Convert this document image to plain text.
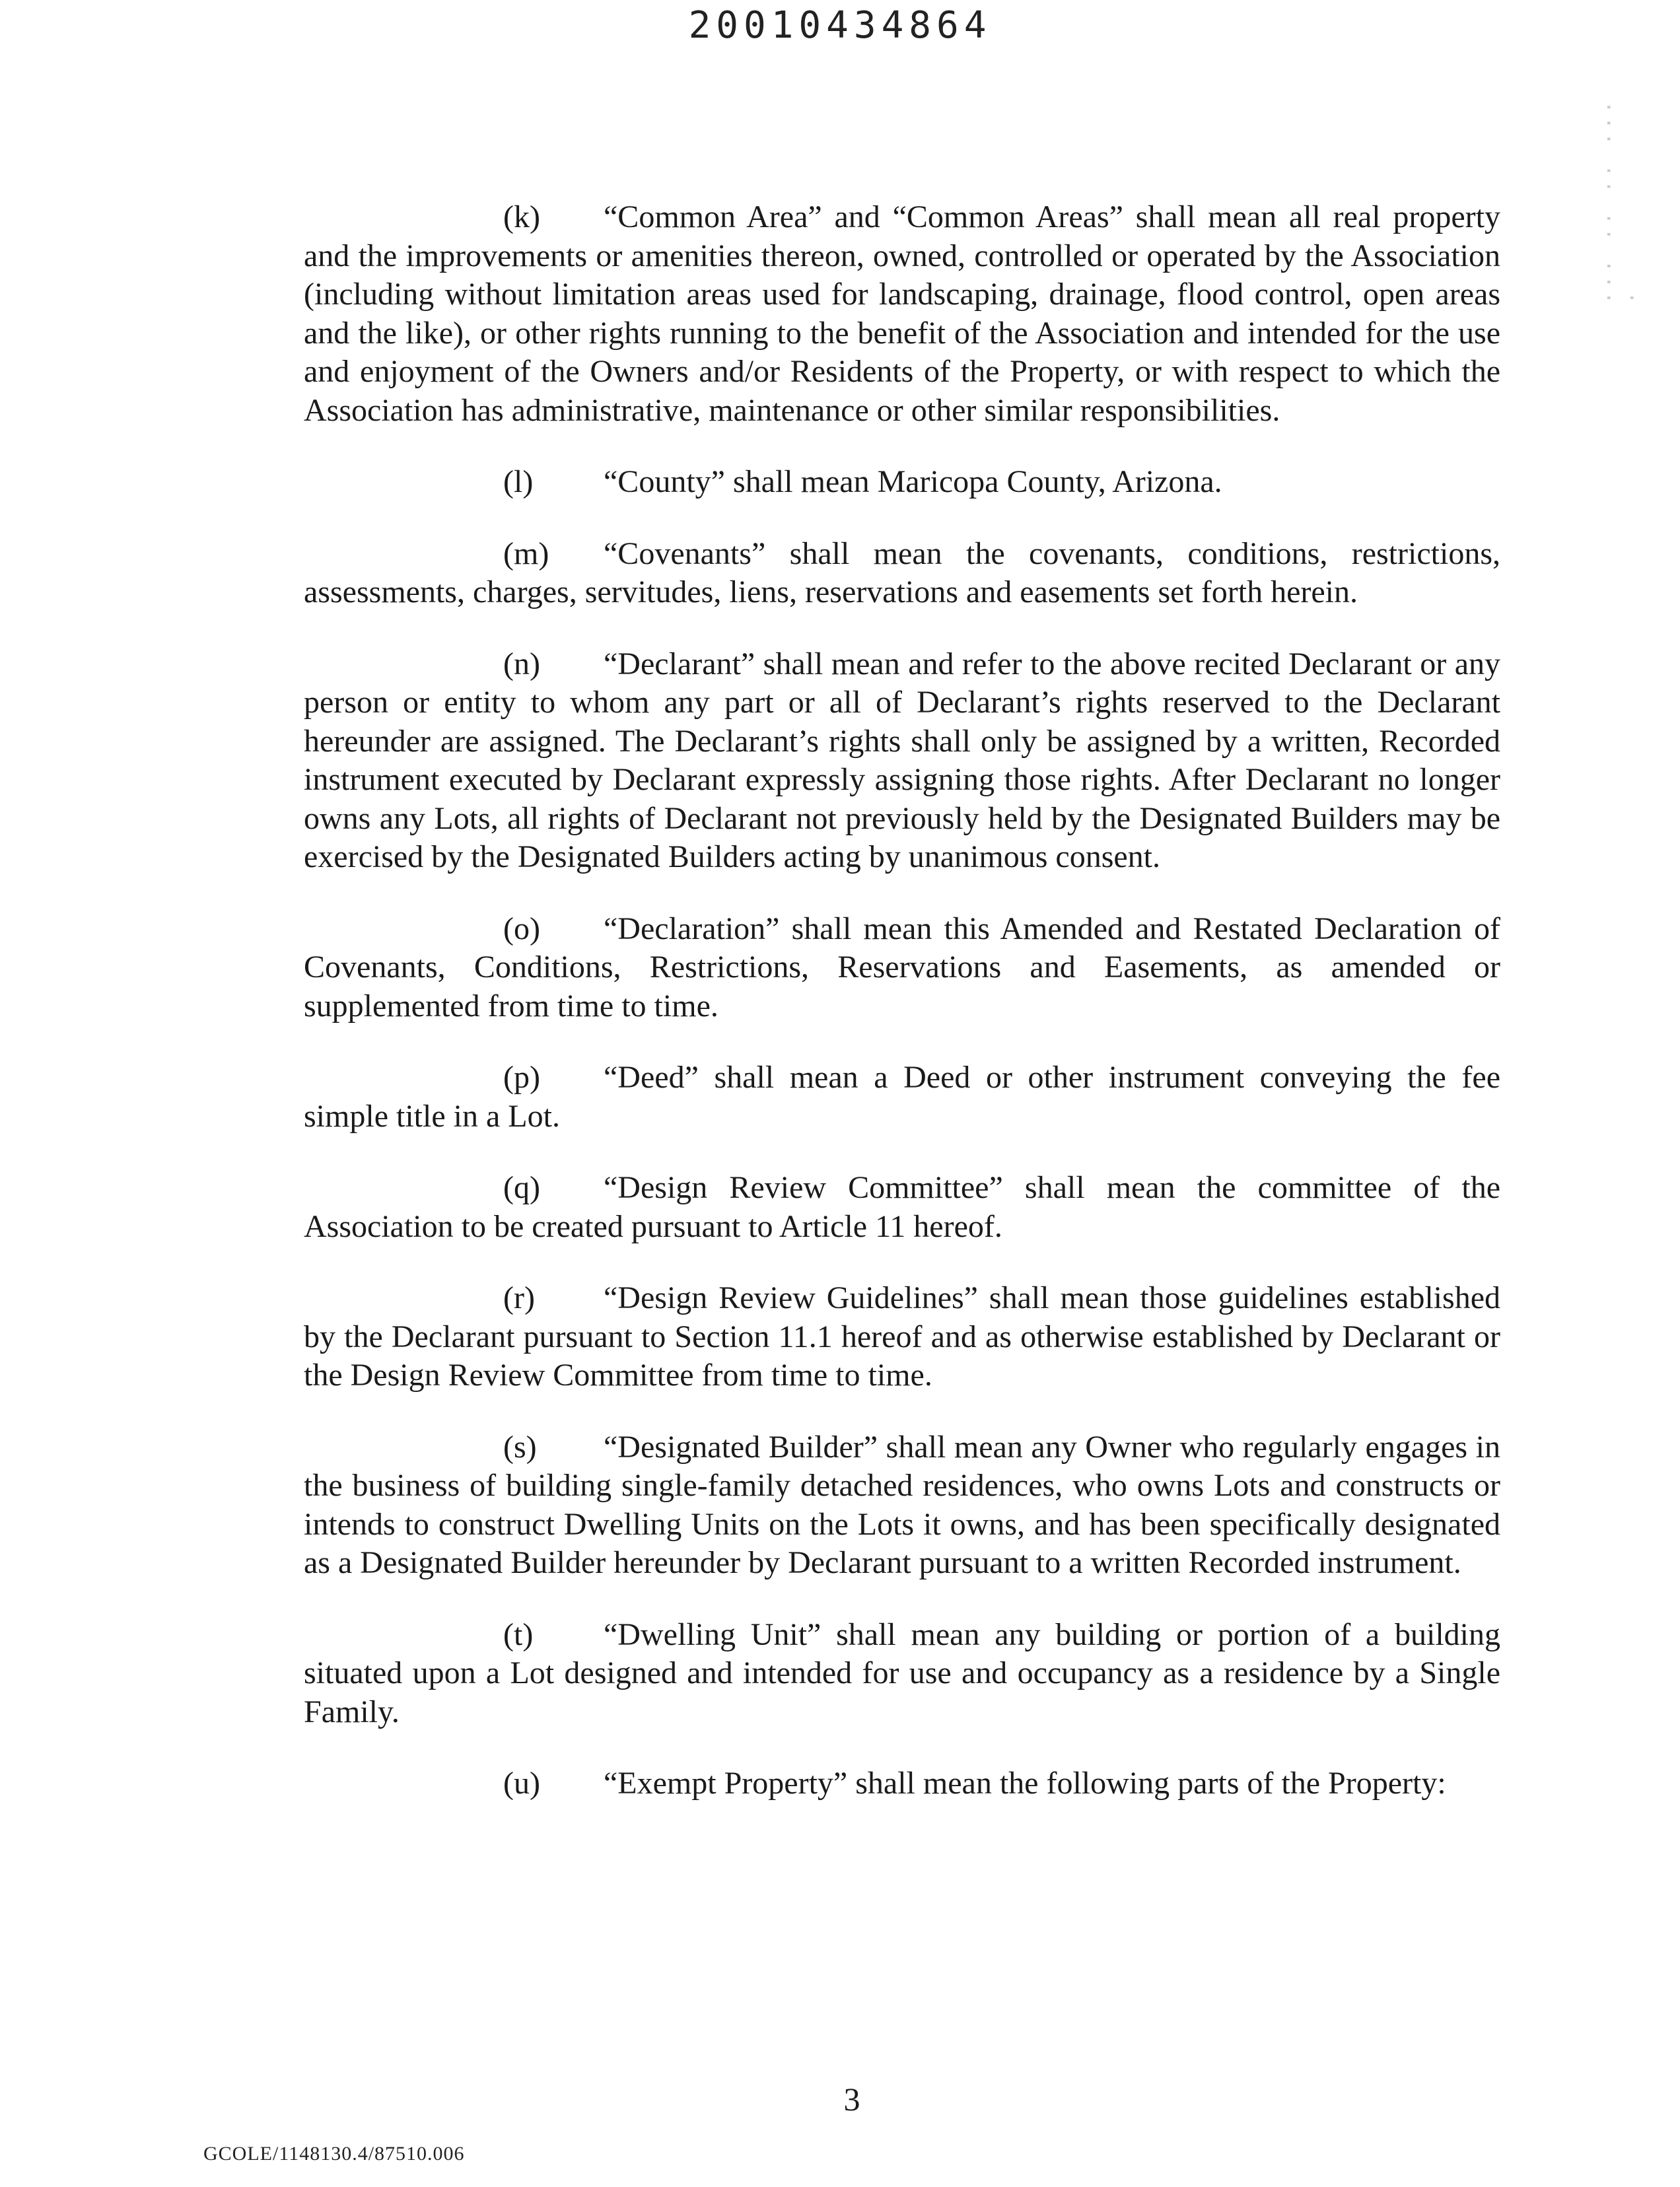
20010434864
··· ·· ·· ··· ·

(k) “Common Area” and “Common Areas” shall mean all real property and the improvements or amenities thereon, owned, controlled or operated by the Association (including without limitation areas used for landscaping, drainage, flood control, open areas and the like), or other rights running to the benefit of the Association and intended for the use and enjoyment of the Owners and/or Residents of the Property, or with respect to which the Association has administrative, maintenance or other similar responsibilities.

(l) “County” shall mean Maricopa County, Arizona.

(m) “Covenants” shall mean the covenants, conditions, restrictions, assessments, charges, servitudes, liens, reservations and easements set forth herein.

(n) “Declarant” shall mean and refer to the above recited Declarant or any person or entity to whom any part or all of Declarant’s rights reserved to the Declarant hereunder are assigned. The Declarant’s rights shall only be assigned by a written, Recorded instrument executed by Declarant expressly assigning those rights. After Declarant no longer owns any Lots, all rights of Declarant not previously held by the Designated Builders may be exercised by the Designated Builders acting by unanimous consent.

(o) “Declaration” shall mean this Amended and Restated Declaration of Covenants, Conditions, Restrictions, Reservations and Easements, as amended or supplemented from time to time.

(p) “Deed” shall mean a Deed or other instrument conveying the fee simple title in a Lot.

(q) “Design Review Committee” shall mean the committee of the Association to be created pursuant to Article 11 hereof.

(r) “Design Review Guidelines” shall mean those guidelines established by the Declarant pursuant to Section 11.1 hereof and as otherwise established by Declarant or the Design Review Committee from time to time.

(s) “Designated Builder” shall mean any Owner who regularly engages in the business of building single-family detached residences, who owns Lots and constructs or intends to construct Dwelling Units on the Lots it owns, and has been specifically designated as a Designated Builder hereunder by Declarant pursuant to a written Recorded instrument.

(t) “Dwelling Unit” shall mean any building or portion of a building situated upon a Lot designed and intended for use and occupancy as a residence by a Single Family.

(u) “Exempt Property” shall mean the following parts of the Property:

3
GCOLE/1148130.4/87510.006
